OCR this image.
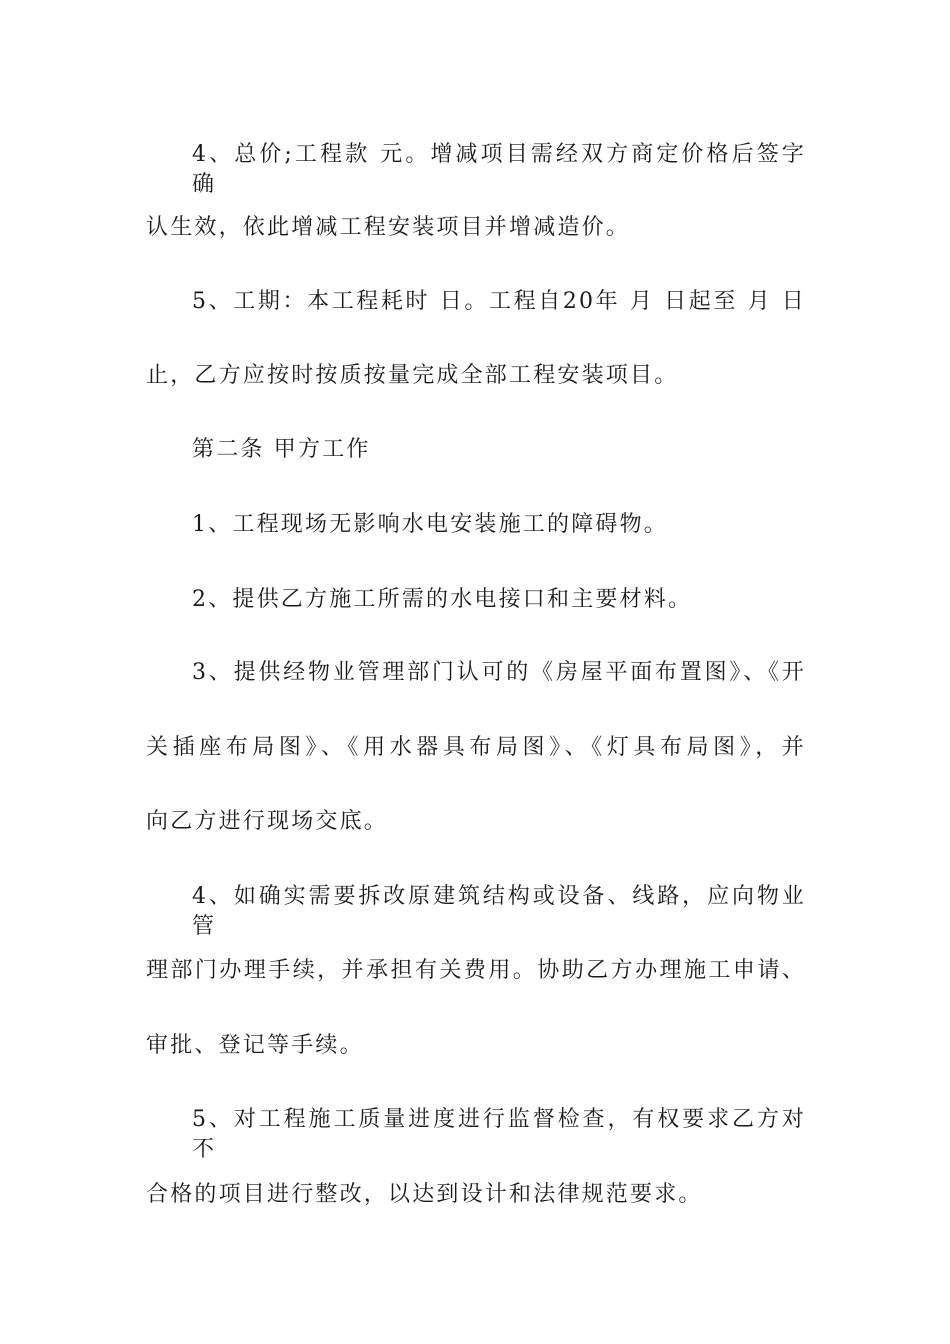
4、总价;工程款 元。增减项目需经双方商定价格后签字确
认生效，依此增减工程安装项目并增减造价。
5、工期：本工程耗时 日。工程自20年 月 日起至 月 日
止，乙方应按时按质按量完成全部工程安装项目。
第二条 甲方工作
1、工程现场无影响水电安装施工的障碍物。
2、提供乙方施工所需的水电接口和主要材料。
3、提供经物业管理部门认可的《房屋平面布置图》、《开
关插座布局图》、《用水器具布局图》、《灯具布局图》，并
向乙方进行现场交底。
4、如确实需要拆改原建筑结构或设备、线路，应向物业管
理部门办理手续，并承担有关费用。协助乙方办理施工申请、
审批、登记等手续。
5、对工程施工质量进度进行监督检查，有权要求乙方对不
合格的项目进行整改，以达到设计和法律规范要求。
